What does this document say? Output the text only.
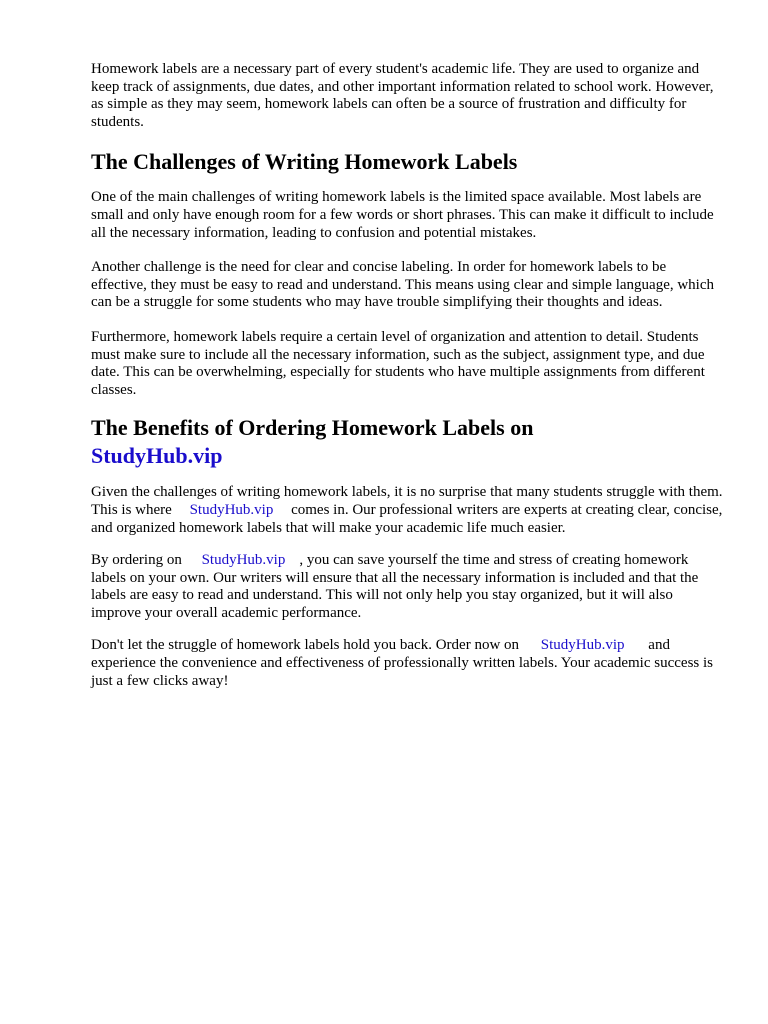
Homework labels are a necessary part of every student's academic life. They are used to organize and keep track of assignments, due dates, and other important information related to school work. However, as simple as they may seem, homework labels can often be a source of frustration and difficulty for students.

The Challenges of Writing Homework Labels

One of the main challenges of writing homework labels is the limited space available. Most labels are small and only have enough room for a few words or short phrases. This can make it difficult to include all the necessary information, leading to confusion and potential mistakes.

Another challenge is the need for clear and concise labeling. In order for homework labels to be effective, they must be easy to read and understand. This means using clear and simple language, which can be a struggle for some students who may have trouble simplifying their thoughts and ideas.

Furthermore, homework labels require a certain level of organization and attention to detail. Students must make sure to include all the necessary information, such as the subject, assignment type, and due date. This can be overwhelming, especially for students who have multiple assignments from different classes.

The Benefits of Ordering Homework Labels on
StudyHub.vip

Given the challenges of writing homework labels, it is no surprise that many students struggle with them. This is where StudyHub.vip comes in. Our professional writers are experts at creating clear, concise, and organized homework labels that will make your academic life much easier.

By ordering on StudyHub.vip , you can save yourself the time and stress of creating homework labels on your own. Our writers will ensure that all the necessary information is included and that the labels are easy to read and understand. This will not only help you stay organized, but it will also improve your overall academic performance.

Don't let the struggle of homework labels hold you back. Order now on StudyHub.vip and experience the convenience and effectiveness of professionally written labels. Your academic success is just a few clicks away!
